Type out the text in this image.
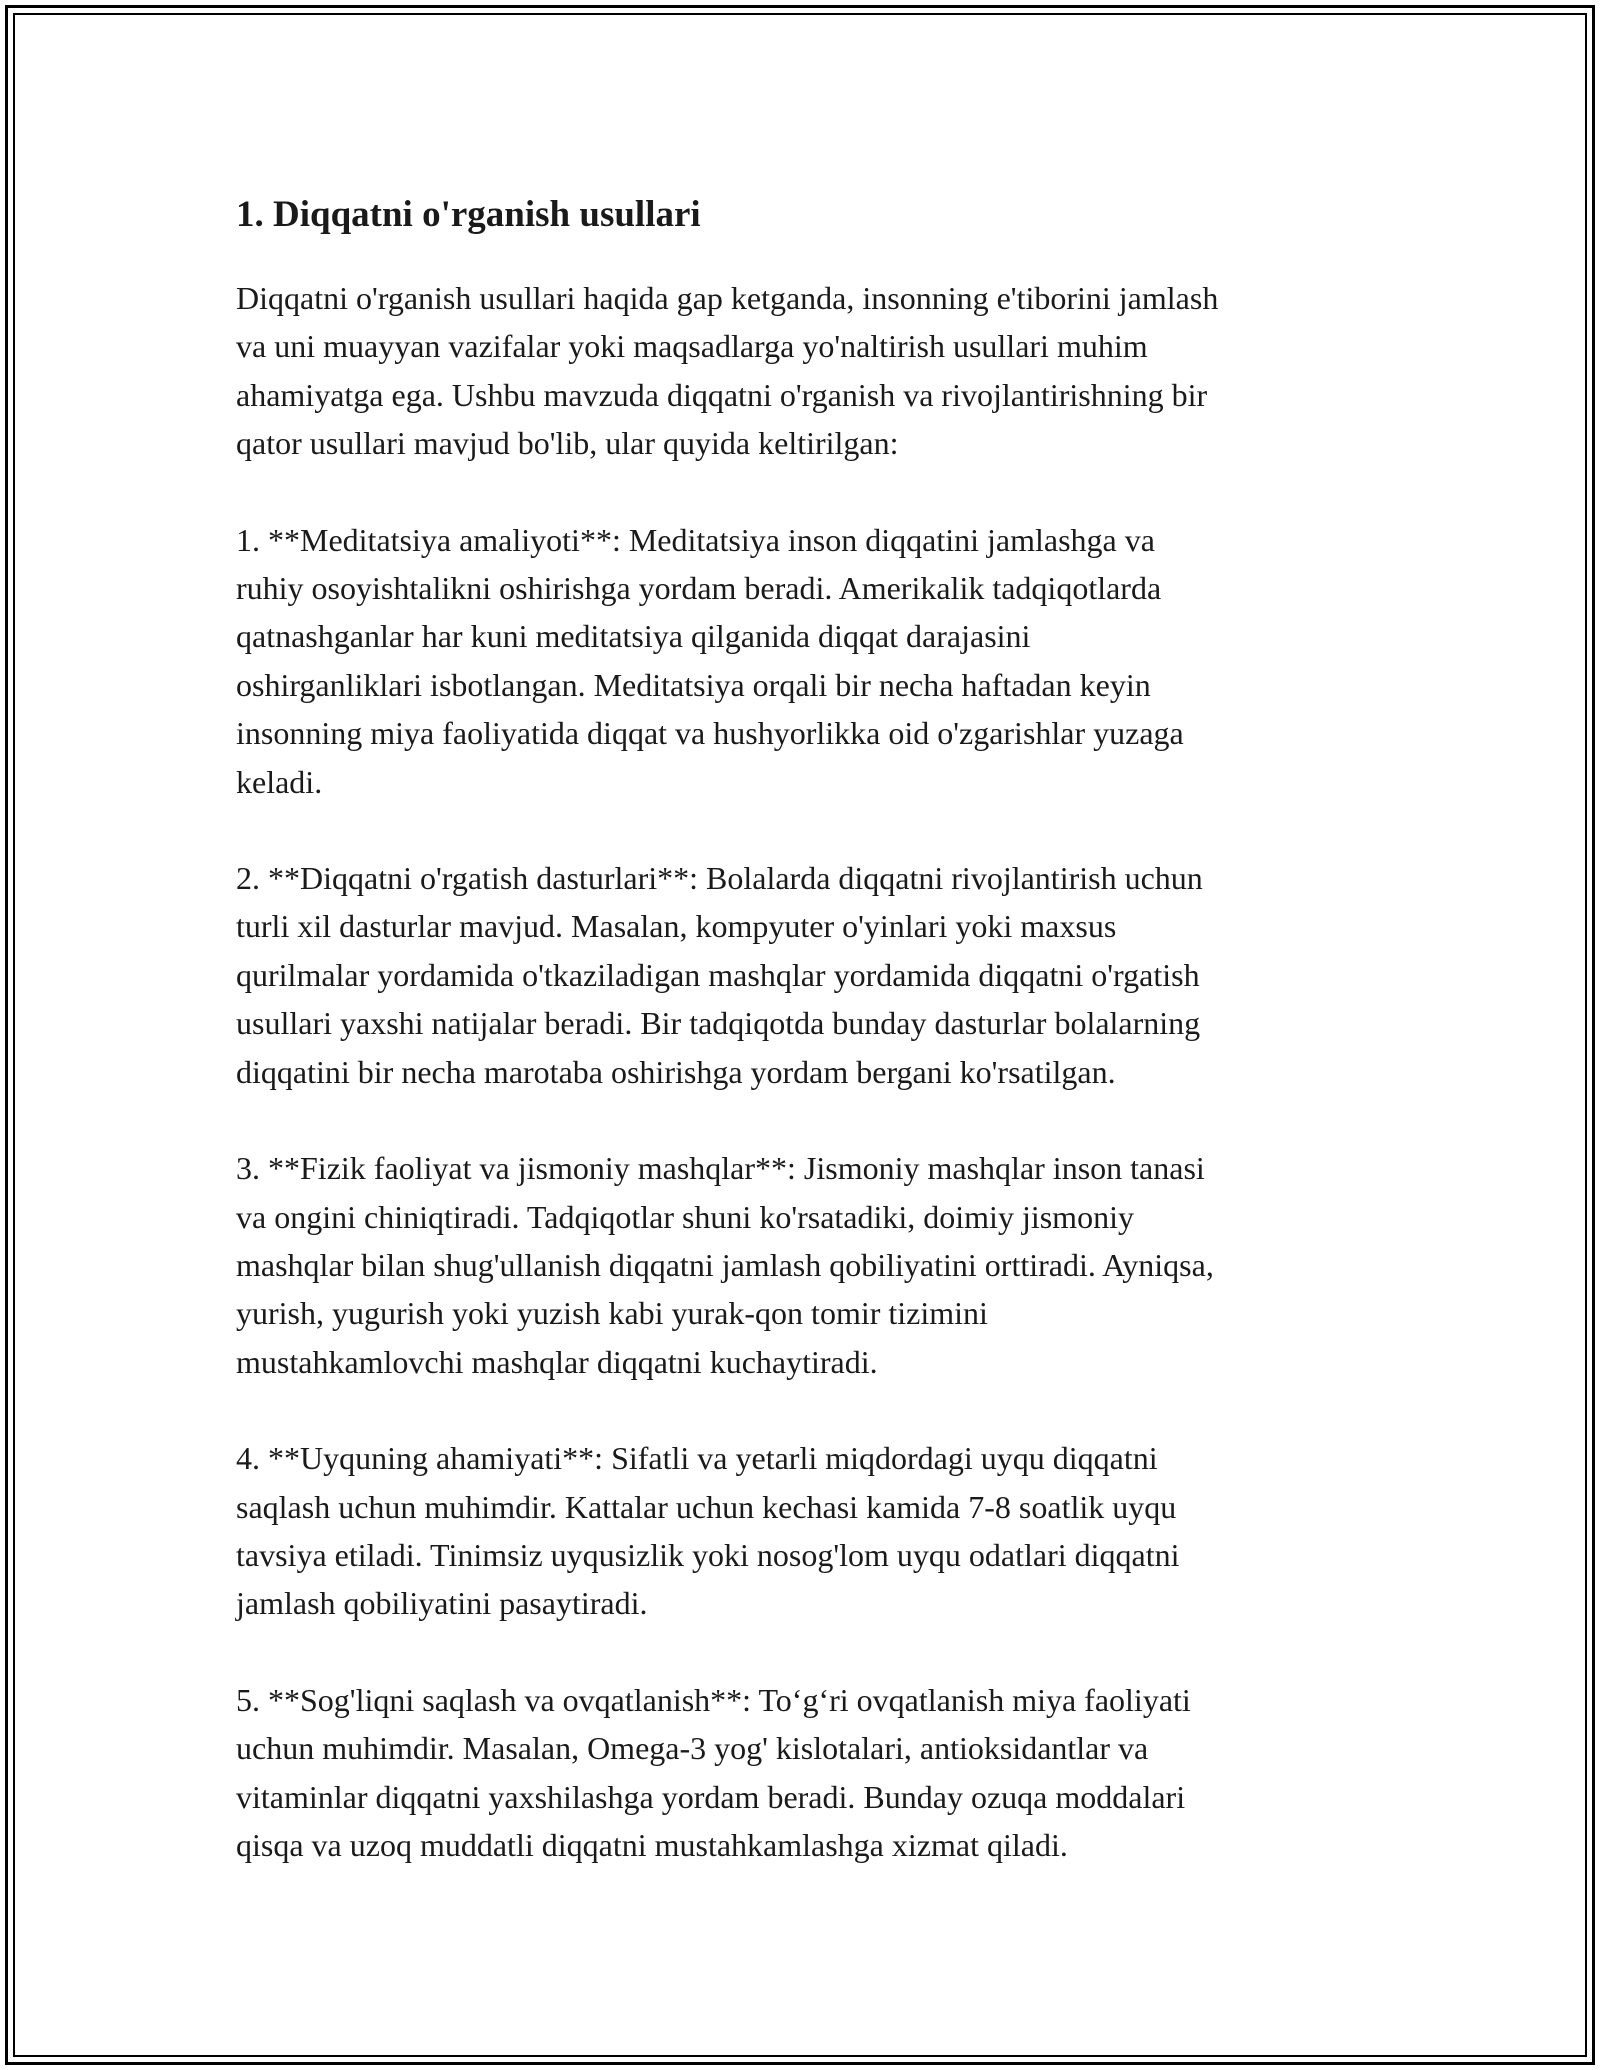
1. Diqqatni o'rganish usullari

Diqqatni o'rganish usullari haqida gap ketganda, insonning e'tiborini jamlash
va uni muayyan vazifalar yoki maqsadlarga yo'naltirish usullari muhim
ahamiyatga ega. Ushbu mavzuda diqqatni o'rganish va rivojlantirishning bir
qator usullari mavjud bo'lib, ular quyida keltirilgan:

1. **Meditatsiya amaliyoti**: Meditatsiya inson diqqatini jamlashga va
ruhiy osoyishtalikni oshirishga yordam beradi. Amerikalik tadqiqotlarda
qatnashganlar har kuni meditatsiya qilganida diqqat darajasini
oshirganliklari isbotlangan. Meditatsiya orqali bir necha haftadan keyin
insonning miya faoliyatida diqqat va hushyorlikka oid o'zgarishlar yuzaga
keladi.

2. **Diqqatni o'rgatish dasturlari**: Bolalarda diqqatni rivojlantirish uchun
turli xil dasturlar mavjud. Masalan, kompyuter o'yinlari yoki maxsus
qurilmalar yordamida o'tkaziladigan mashqlar yordamida diqqatni o'rgatish
usullari yaxshi natijalar beradi. Bir tadqiqotda bunday dasturlar bolalarning
diqqatini bir necha marotaba oshirishga yordam bergani ko'rsatilgan.

3. **Fizik faoliyat va jismoniy mashqlar**: Jismoniy mashqlar inson tanasi
va ongini chiniqtiradi. Tadqiqotlar shuni ko'rsatadiki, doimiy jismoniy
mashqlar bilan shug'ullanish diqqatni jamlash qobiliyatini orttiradi. Ayniqsa,
yurish, yugurish yoki yuzish kabi yurak-qon tomir tizimini
mustahkamlovchi mashqlar diqqatni kuchaytiradi.

4. **Uyquning ahamiyati**: Sifatli va yetarli miqdordagi uyqu diqqatni
saqlash uchun muhimdir. Kattalar uchun kechasi kamida 7-8 soatlik uyqu
tavsiya etiladi. Tinimsiz uyqusizlik yoki nosog'lom uyqu odatlari diqqatni
jamlash qobiliyatini pasaytiradi.

5. **Sog'liqni saqlash va ovqatlanish**: To‘g‘ri ovqatlanish miya faoliyati
uchun muhimdir. Masalan, Omega-3 yog' kislotalari, antioksidantlar va
vitaminlar diqqatni yaxshilashga yordam beradi. Bunday ozuqa moddalari
qisqa va uzoq muddatli diqqatni mustahkamlashga xizmat qiladi.
